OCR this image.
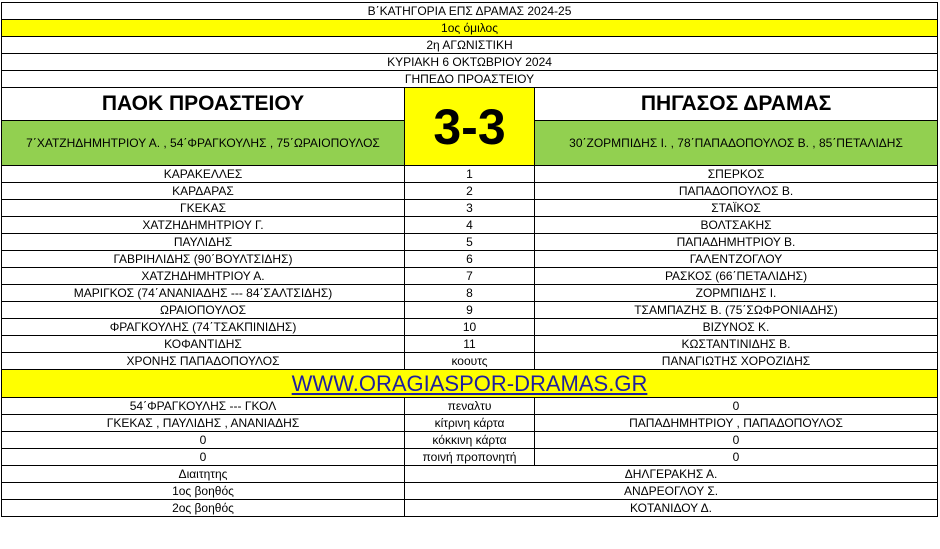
Β΄ΚΑΤΗΓΟΡΙΑ ΕΠΣ ΔΡΑΜΑΣ 2024-25		
1ος όμιλος		
2η ΑΓΩΝΙΣΤΙΚΗ		
ΚΥΡΙΑΚΗ 6 ΟΚΤΩΒΡΙΟΥ 2024		
ΓΗΠΕΔΟ ΠΡΟΑΣΤΕΙΟΥ		
ΠΑΟΚ ΠΡΟΑΣΤΕΙΟΥ	3-3	ΠΗΓΑΣΟΣ ΔΡΑΜΑΣ
7΄ΧΑΤΖΗΔΗΜΗΤΡΙΟΥ Α. , 54΄ΦΡΑΓΚΟΥΛΗΣ , 75΄ΩΡΑΙΟΠΟΥΛΟΣ		30΄ΖΟΡΜΠΙΔΗΣ Ι. , 78΄ΠΑΠΑΔΟΠΟΥΛΟΣ Β. , 85΄ΠΕΤΑΛΙΔΗΣ
ΚΑΡΑΚΕΛΛΕΣ	1	ΣΠΕΡΚΟΣ
ΚΑΡΔΑΡΑΣ	2	ΠΑΠΑΔΟΠΟΥΛΟΣ Β.
ΓΚΕΚΑΣ	3	ΣΤΑΪΚΟΣ
ΧΑΤΖΗΔΗΜΗΤΡΙΟΥ Γ.	4	ΒΟΛΤΣΑΚΗΣ
ΠΑΥΛΙΔΗΣ	5	ΠΑΠΑΔΗΜΗΤΡΙΟΥ Β.
ΓΑΒΡΙΗΛΙΔΗΣ (90΄ΒΟΥΛΤΣΙΔΗΣ)	6	ΓΑΛΕΝΤΖΟΓΛΟΥ
ΧΑΤΖΗΔΗΜΗΤΡΙΟΥ Α.	7	ΡΑΣΚΟΣ (66΄ΠΕΤΑΛΙΔΗΣ)
ΜΑΡΙΓΚΟΣ (74΄ΑΝΑΝΙΑΔΗΣ --- 84΄ΣΑΛΤΣΙΔΗΣ)	8	ΖΟΡΜΠΙΔΗΣ Ι.
ΩΡΑΙΟΠΟΥΛΟΣ	9	ΤΣΑΜΠΑΖΗΣ Β. (75΄ΣΩΦΡΟΝΙΑΔΗΣ)
ΦΡΑΓΚΟΥΛΗΣ (74΄ΤΣΑΚΠΙΝΙΔΗΣ)	10	ΒΙΖΥΝΟΣ Κ.
ΚΟΦΑΝΤΙΔΗΣ	11	ΚΩΣΤΑΝΤΙΝΙΔΗΣ Β.
ΧΡΟΝΗΣ ΠΑΠΑΔΟΠΟΥΛΟΣ	κοουτς	ΠΑΝΑΓΙΩΤΗΣ ΧΟΡΟΖΙΔΗΣ
WWW.ORAGIASPOR-DRAMAS.GR		
54΄ΦΡΑΓΚΟΥΛΗΣ --- ΓΚΟΛ	πεναλτυ	0
ΓΚΕΚΑΣ , ΠΑΥΛΙΔΗΣ , ΑΝΑΝΙΑΔΗΣ	κίτρινη κάρτα	ΠΑΠΑΔΗΜΗΤΡΙΟΥ , ΠΑΠΑΔΟΠΟΥΛΟΣ
0	κόκκινη κάρτα	0
0	ποινή προπονητή	0
Διαιτητης	ΔΗΛΓΕΡΑΚΗΣ Α.	
1ος βοηθός	ΑΝΔΡΕΟΓΛΟΥ Σ.	
2ος βοηθός	ΚΟΤΑΝΙΔΟΥ Δ.	
